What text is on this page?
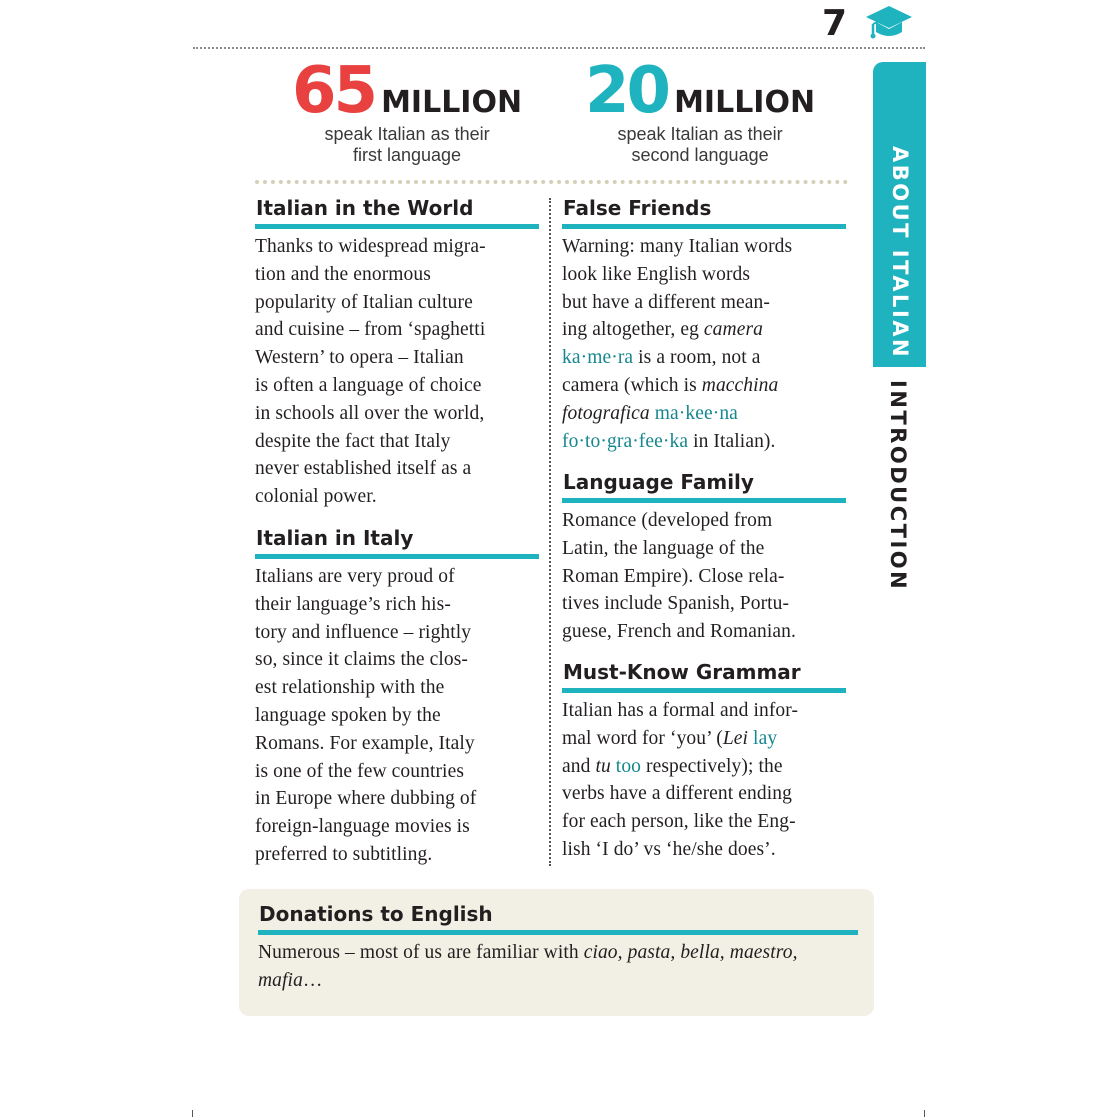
7
ABOUT ITALIAN
INTRODUCTION
65 MILLION
speak Italian as their
first language
20 MILLION
speak Italian as their
second language
Italian in the World
Thanks to widespread migra-
tion and the enormous
popularity of Italian culture
and cuisine – from ‘spaghetti
Western’ to opera – Italian
is often a language of choice
in schools all over the world,
despite the fact that Italy
never established itself as a
colonial power.
Italian in Italy
Italians are very proud of
their language’s rich his-
tory and influence – rightly
so, since it claims the clos-
est relationship with the
language spoken by the
Romans. For example, Italy
is one of the few countries
in Europe where dubbing of
foreign-language movies is
preferred to subtitling.
False Friends
Warning: many Italian words
look like English words
but have a different mean-
ing altogether, eg camera
ka·me·ra is a room, not a
camera (which is macchina
fotografica ma·kee·na
fo·to·gra·fee·ka in Italian).
Language Family
Romance (developed from
Latin, the language of the
Roman Empire). Close rela-
tives include Spanish, Portu-
guese, French and Romanian.
Must-Know Grammar
Italian has a formal and infor-
mal word for ‘you’ (Lei lay
and tu too respectively); the
verbs have a different ending
for each person, like the Eng-
lish ‘I do’ vs ‘he/she does’.
Donations to English
Numerous – most of us are familiar with ciao, pasta, bella, maestro, mafia…
